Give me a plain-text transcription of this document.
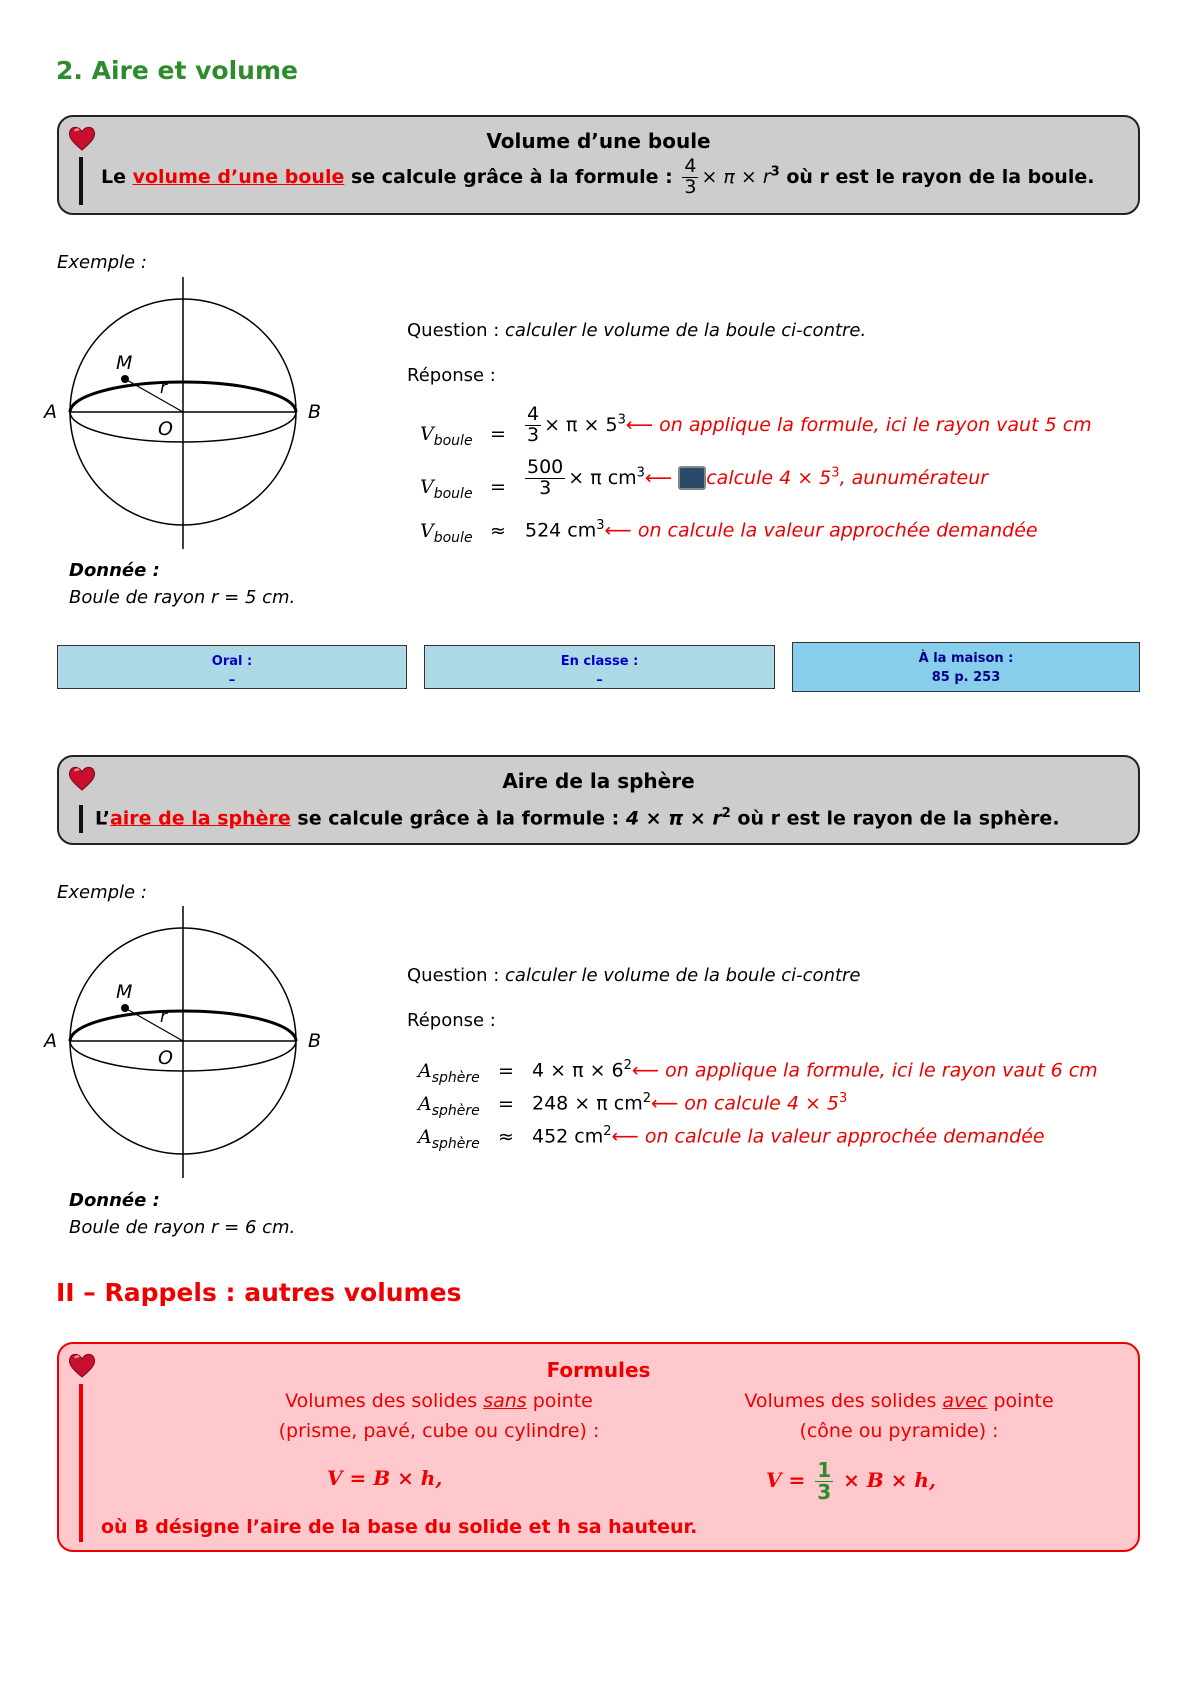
2. Aire et volume
Volume d’une boule
Le volume d’une boule se calcule grâce à la formule : $\frac{4}{3} \times \pi \times r^3$ où r est le rayon de la boule.
Exemple :
M
r
A	B
O
Question : calculer le volume de la boule ci-contre.
Réponse :
$V_{boule} = \frac{4}{3} \times \pi$ × $5^3⟵$ on applique la formule, ici le rayon vaut 5 cm
$V_{boule} = \frac{500}{3} \times \pi$ $cm^3⟵$ calcule $4 \times 5^3$, aunumérateur
$V_{boule} \approx 524$ $cm^3⟵$ on calcule la valeur approchée demandée
Donnée :
Boule de rayon r = 5 cm.
Oral :
–
En classe :
–
À la maison :
85 p. 253
Aire de la sphère
L’aire de la sphère se calcule grâce à la formule : $4 \times \pi \times r^2$ où r est le rayon de la sphère.
Exemple :
M
r
A	B
O
Question : calculer le volume de la boule ci-contre
Réponse :
$A_{sphère} = 4 \times \pi$ × $6^2⟵$ on applique la formule, ici le rayon vaut 6 cm
$A_{sphère} = 248 \times \pi$ $cm^2⟵$ on calcule $4 \times 5^3$
$A_{sphère} \approx 452$ $cm^2⟵$ on calcule la valeur approchée demandée
Donnée :
Boule de rayon r = 6 cm.
II – Rappels : autres volumes
Formules
Volumes des solides sans pointe
(prisme, pavé, cube ou cylindre) :
Volumes des solides avec pointe
(cône ou pyramide) :
V = B × h,	$V = \frac{1}{3} \times B \times h$,
où B désigne l’aire de la base du solide et h sa hauteur.
